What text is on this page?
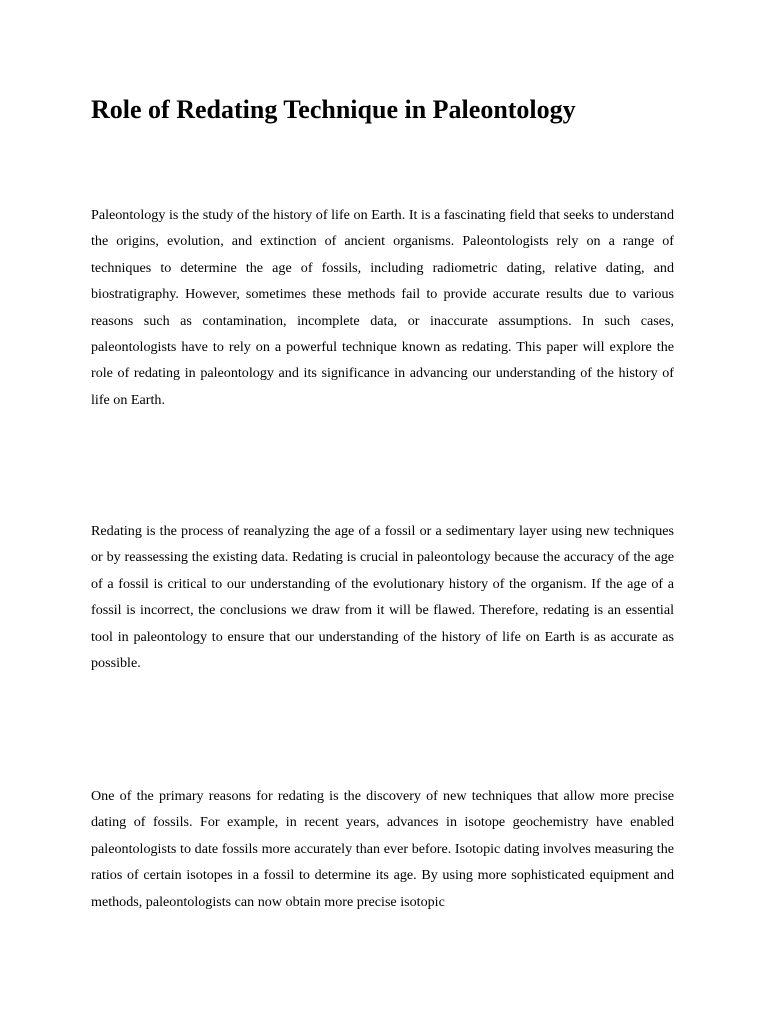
Role of Redating Technique in Paleontology

Paleontology is the study of the history of life on Earth. It is a fascinating field that seeks to understand the origins, evolution, and extinction of ancient organisms. Paleontologists rely on a range of techniques to determine the age of fossils, including radiometric dating, relative dating, and biostratigraphy. However, sometimes these methods fail to provide accurate results due to various reasons such as contamination, incomplete data, or inaccurate assumptions. In such cases, paleontologists have to rely on a powerful technique known as redating. This paper will explore the role of redating in paleontology and its significance in advancing our understanding of the history of life on Earth.

Redating is the process of reanalyzing the age of a fossil or a sedimentary layer using new techniques or by reassessing the existing data. Redating is crucial in paleontology because the accuracy of the age of a fossil is critical to our understanding of the evolutionary history of the organism. If the age of a fossil is incorrect, the conclusions we draw from it will be flawed. Therefore, redating is an essential tool in paleontology to ensure that our understanding of the history of life on Earth is as accurate as possible.

One of the primary reasons for redating is the discovery of new techniques that allow more precise dating of fossils. For example, in recent years, advances in isotope geochemistry have enabled paleontologists to date fossils more accurately than ever before. Isotopic dating involves measuring the ratios of certain isotopes in a fossil to determine its age. By using more sophisticated equipment and methods, paleontologists can now obtain more precise isotopic
